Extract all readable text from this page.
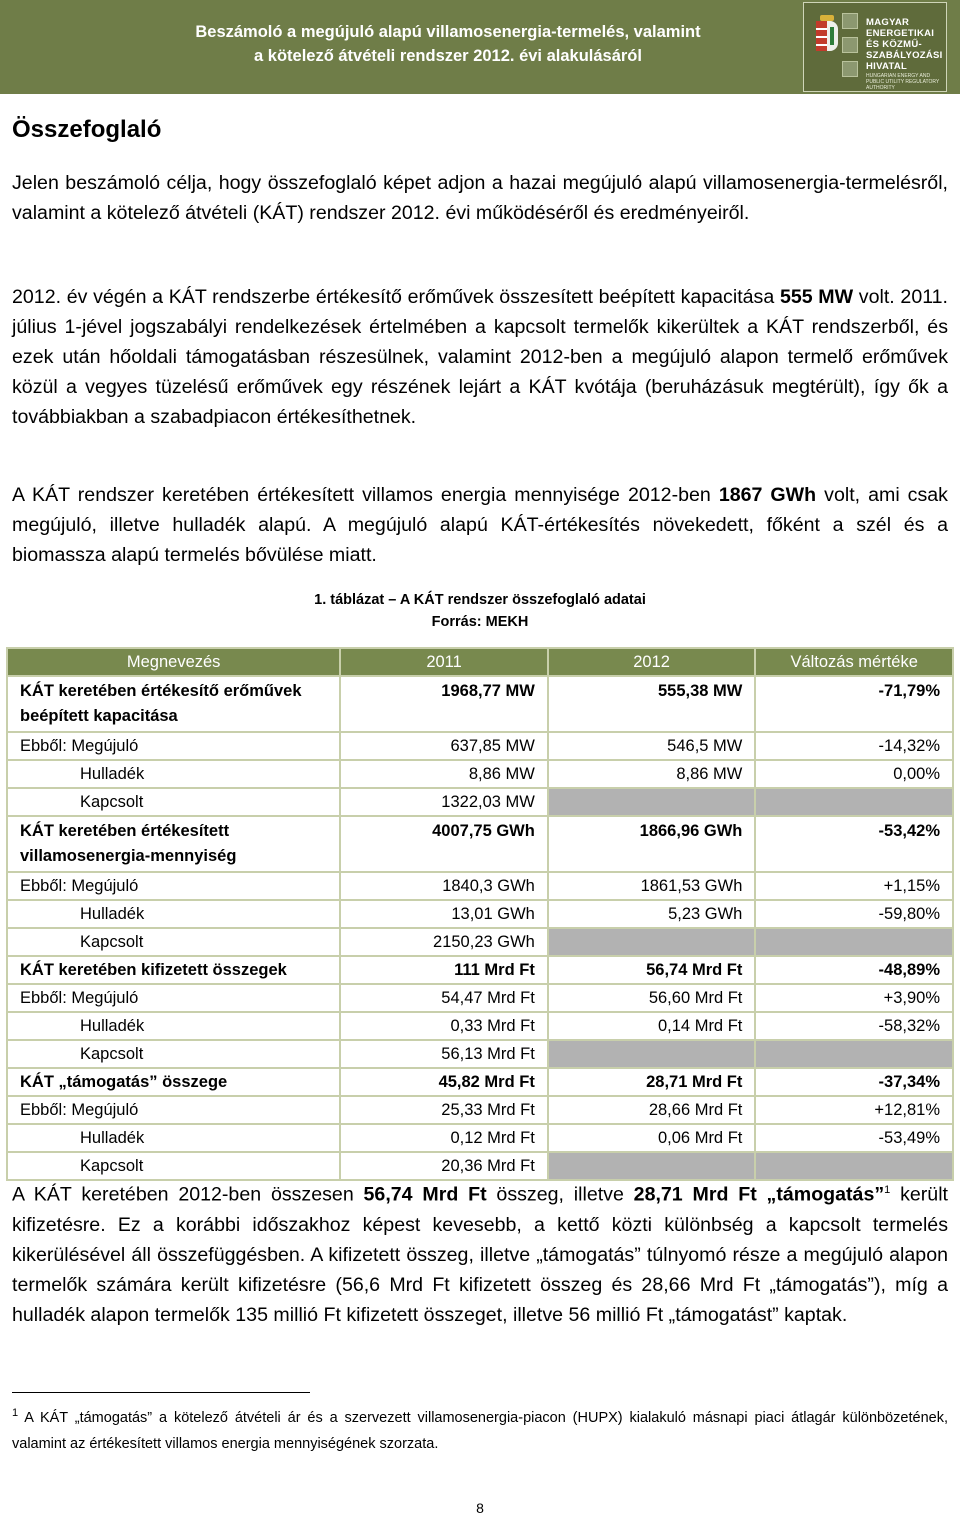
Beszámoló a megújuló alapú villamosenergia-termelés, valamint
a kötelező átvételi rendszer 2012. évi alakulásáról
MAGYAR
ENERGETIKAI
ÉS KÖZMŰ-
SZABÁLYOZÁSI
HIVATAL
HUNGARIAN ENERGY AND PUBLIC UTILITY REGULATORY AUTHORITY
Összefoglaló

Jelen beszámoló célja, hogy összefoglaló képet adjon a hazai megújuló alapú villamosenergia-termelésről, valamint a kötelező átvételi (KÁT) rendszer 2012. évi működéséről és eredményeiről.

2012. év végén a KÁT rendszerbe értékesítő erőművek összesített beépített kapacitása 555 MW volt. 2011. július 1-jével jogszabályi rendelkezések értelmében a kapcsolt termelők kikerültek a KÁT rendszerből, és ezek után hőoldali támogatásban részesülnek, valamint 2012-ben a megújuló alapon termelő erőművek közül a vegyes tüzelésű erőművek egy részének lejárt a KÁT kvótája (beruházásuk megtérült), így ők a továbbiakban a szabadpiacon értékesíthetnek.

A KÁT rendszer keretében értékesített villamos energia mennyisége 2012-ben 1867 GWh volt, ami csak megújuló, illetve hulladék alapú. A megújuló alapú KÁT-értékesítés növekedett, főként a szél és a biomassza alapú termelés bővülése miatt.

1. táblázat – A KÁT rendszer összefoglaló adatai
Forrás: MEKH
Megnevezés	2011	2012	Változás mértéke
KÁT keretében értékesítő erőművek beépített kapacitása	1968,77 MW	555,38 MW	-71,79%
Ebből: Megújuló	637,85 MW	546,5 MW	-14,32%
Hulladék	8,86 MW	8,86 MW	0,00%
Kapcsolt	1322,03 MW		
KÁT keretében értékesített villamosenergia-mennyiség	4007,75 GWh	1866,96 GWh	-53,42%
Ebből: Megújuló	1840,3 GWh	1861,53 GWh	+1,15%
Hulladék	13,01 GWh	5,23 GWh	-59,80%
Kapcsolt	2150,23 GWh		
KÁT keretében kifizetett összegek	111 Mrd Ft	56,74 Mrd Ft	-48,89%
Ebből: Megújuló	54,47 Mrd Ft	56,60 Mrd Ft	+3,90%
Hulladék	0,33 Mrd Ft	0,14 Mrd Ft	-58,32%
Kapcsolt	56,13 Mrd Ft		
KÁT „támogatás” összege	45,82 Mrd Ft	28,71 Mrd Ft	-37,34%
Ebből: Megújuló	25,33 Mrd Ft	28,66 Mrd Ft	+12,81%
Hulladék	0,12 Mrd Ft	0,06 Mrd Ft	-53,49%
Kapcsolt	20,36 Mrd Ft		

A KÁT keretében 2012-ben összesen 56,74 Mrd Ft összeg, illetve 28,71 Mrd Ft „támogatás”$^1$ került kifizetésre. Ez a korábbi időszakhoz képest kevesebb, a kettő közti különbség a kapcsolt termelés kikerülésével áll összefüggésben. A kifizetett összeg, illetve „támogatás” túlnyomó része a megújuló alapon termelők számára került kifizetésre (56,6 Mrd Ft kifizetett összeg és 28,66 Mrd Ft „támogatás”), míg a hulladék alapon termelők 135 millió Ft kifizetett összeget, illetve 56 millió Ft „támogatást” kaptak.

$^1$ A KÁT „támogatás” a kötelező átvételi ár és a szervezett villamosenergia-piacon (HUPX) kialakuló másnapi piaci átlagár különbözetének, valamint az értékesített villamos energia mennyiségének szorzata.

8
